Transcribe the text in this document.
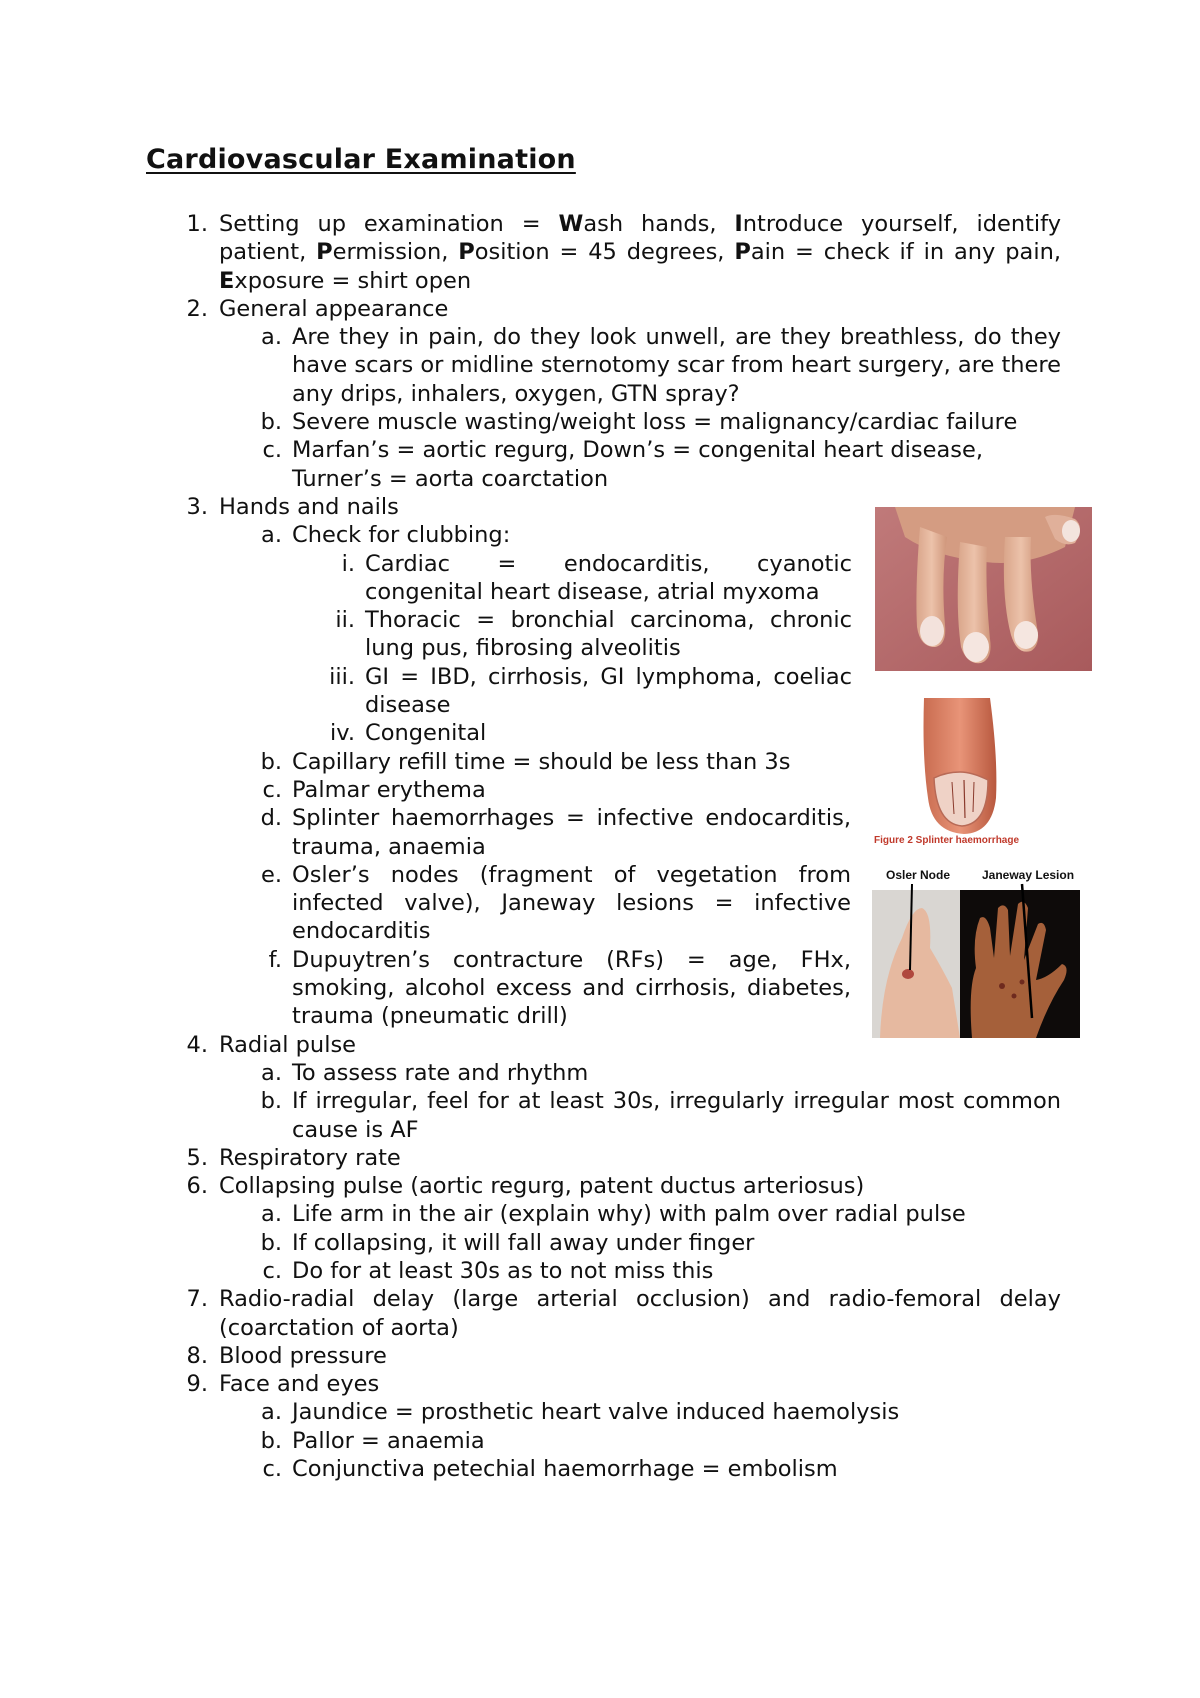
Cardiovascular Examination

1. Setting up examination = Wash hands, Introduce yourself, identify patient, Permission, Position = 45 degrees, Pain = check if in any pain, Exposure = shirt open

2. General appearance

a. Are they in pain, do they look unwell, are they breathless, do they have scars or midline sternotomy scar from heart surgery, are there any drips, inhalers, oxygen, GTN spray?

b. Severe muscle wasting/weight loss = malignancy/cardiac failure

c. Marfan’s = aortic regurg, Down’s = congenital heart disease, Turner’s = aorta coarctation

3. Hands and nails

a. Check for clubbing:

i. Cardiac = endocarditis, cyanotic congenital heart disease, atrial myxoma

ii. Thoracic = bronchial carcinoma, chronic lung pus, fibrosing alveolitis

iii. GI = IBD, cirrhosis, GI lymphoma, coeliac disease

iv. Congenital

b. Capillary refill time = should be less than 3s

c. Palmar erythema

d. Splinter haemorrhages = infective endocarditis, trauma, anaemia

e. Osler’s nodes (fragment of vegetation from infected valve), Janeway lesions = infective endocarditis

f. Dupuytren’s contracture (RFs) = age, FHx, smoking, alcohol excess and cirrhosis, diabetes, trauma (pneumatic drill)

4. Radial pulse

a. To assess rate and rhythm

b. If irregular, feel for at least 30s, irregularly irregular most common cause is AF

5. Respiratory rate

6. Collapsing pulse (aortic regurg, patent ductus arteriosus)

a. Life arm in the air (explain why) with palm over radial pulse

b. If collapsing, it will fall away under finger

c. Do for at least 30s as to not miss this

7. Radio-radial delay (large arterial occlusion) and radio-femoral delay (coarctation of aorta)

8. Blood pressure

9. Face and eyes

a. Jaundice = prosthetic heart valve induced haemolysis

b. Pallor = anaemia

c. Conjunctiva petechial haemorrhage = embolism

Figure 2 Splinter haemorrhage
Osler Node	Janeway Lesion
